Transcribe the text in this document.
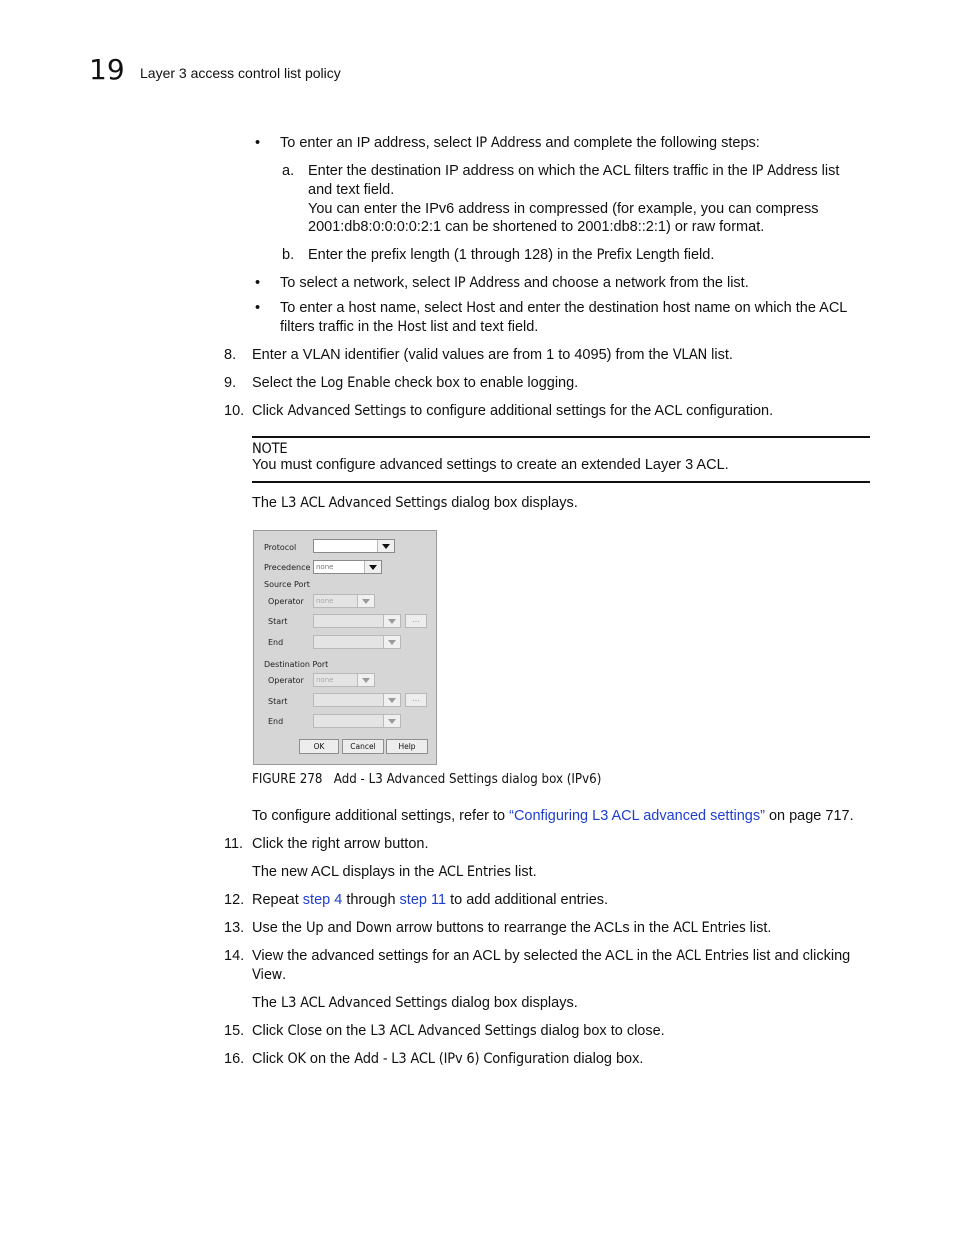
19 Layer 3 access control list policy
• To enter an IP address, select IP Address and complete the following steps:
a. Enter the destination IP address on which the ACL filters traffic in the IP Address list
and text field.
You can enter the IPv6 address in compressed (for example, you can compress
2001:db8:0:0:0:0:2:1 can be shortened to 2001:db8::2:1) or raw format.
b. Enter the prefix length (1 through 128) in the Prefix Length field.
• To select a network, select IP Address and choose a network from the list.
• To enter a host name, select Host and enter the destination host name on which the ACL
filters traffic in the Host list and text field.
8. Enter a VLAN identifier (valid values are from 1 to 4095) from the VLAN list.
9. Select the Log Enable check box to enable logging.
10. Click Advanced Settings to configure additional settings for the ACL configuration.
NOTE
You must configure advanced settings to create an extended Layer 3 ACL.
The L3 ACL Advanced Settings dialog box displays.
Protocol
Precedence none
Source Port
Operator	none
Start	...
End
Destination Port
Operator	none
Start	...
End
OK	Cancel	Help
FIGURE 278 Add - L3 Advanced Settings dialog box (IPv6)
To configure additional settings, refer to “Configuring L3 ACL advanced settings” on page 717.
11. Click the right arrow button.
The new ACL displays in the ACL Entries list.
12. Repeat step 4 through step 11 to add additional entries.
13. Use the Up and Down arrow buttons to rearrange the ACLs in the ACL Entries list.
14. View the advanced settings for an ACL by selected the ACL in the ACL Entries list and clicking
View.
The L3 ACL Advanced Settings dialog box displays.
15. Click Close on the L3 ACL Advanced Settings dialog box to close.
16. Click OK on the Add - L3 ACL (IPv 6) Configuration dialog box.
